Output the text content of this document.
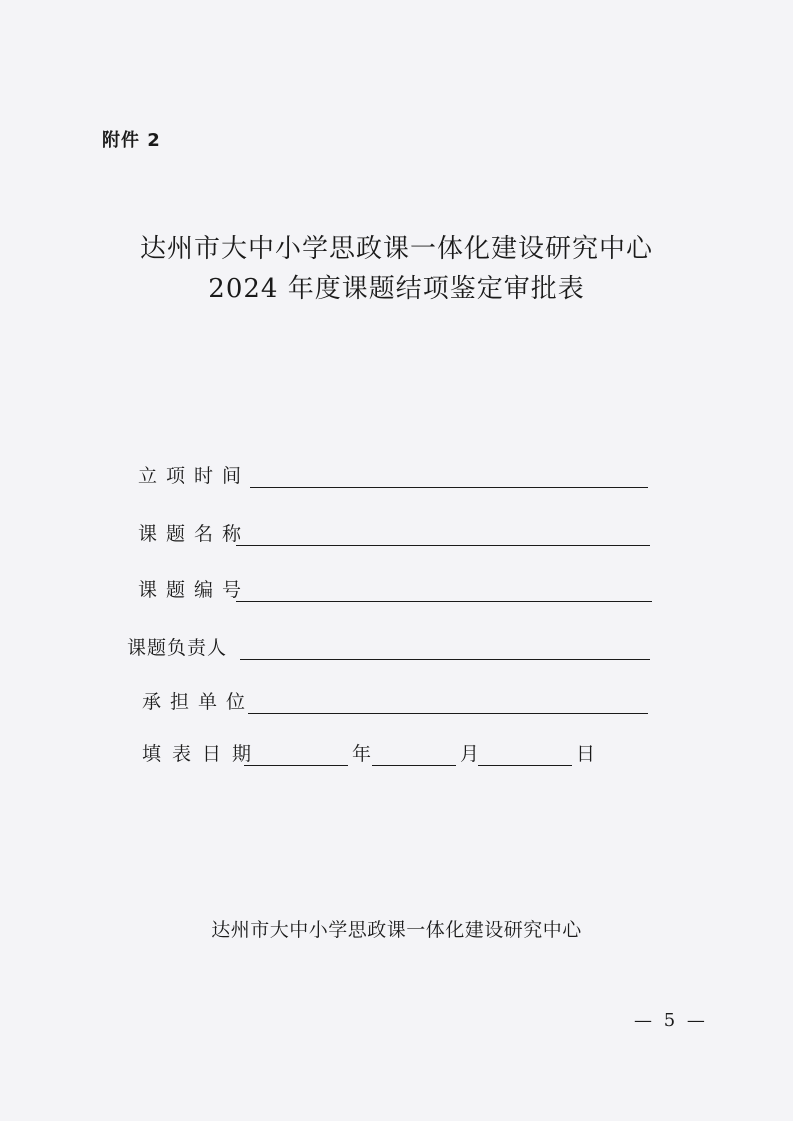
附件 2
达州市大中小学思政课一体化建设研究中心
2024 年度课题结项鉴定审批表
立项时间
课题名称
课题编号
课题负责人
承担单位
填表日期	年	月	日
达州市大中小学思政课一体化建设研究中心
— 5 —
